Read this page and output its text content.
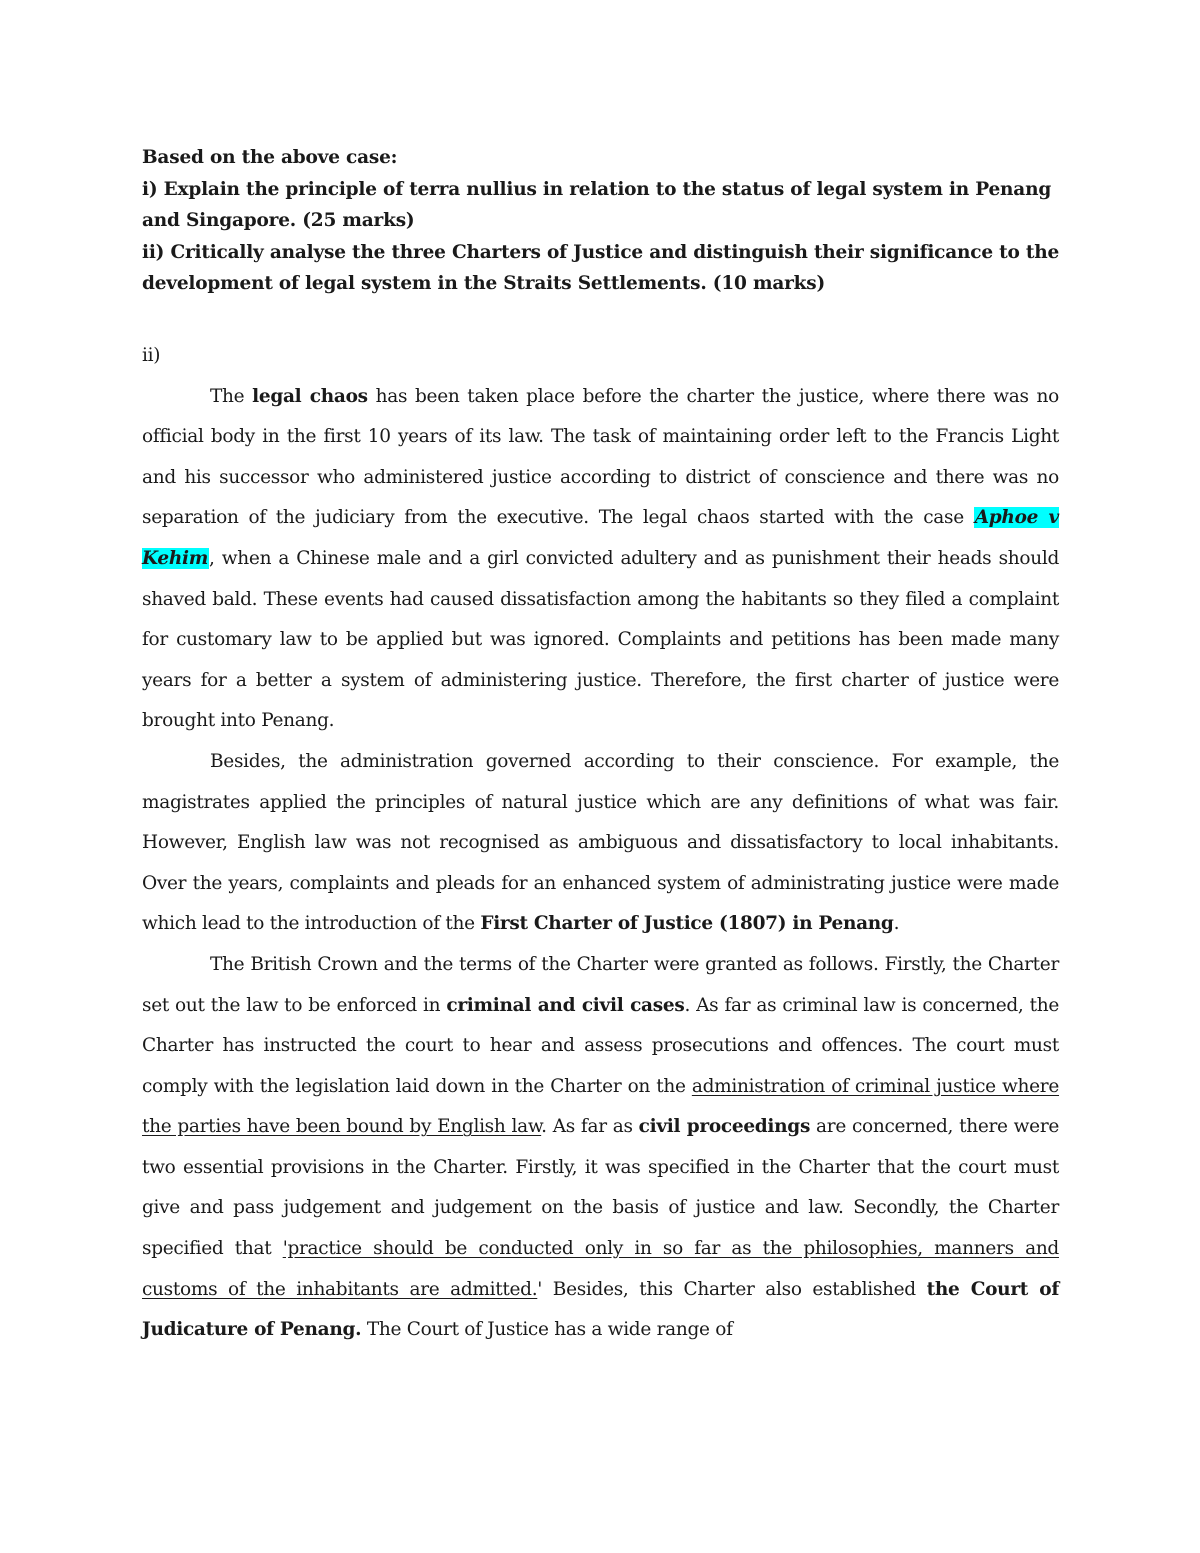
Based on the above case:
i) Explain the principle of terra nullius in relation to the status of legal system in Penang
and Singapore. (25 marks)
ii) Critically analyse the three Charters of Justice and distinguish their significance to the
development of legal system in the Straits Settlements. (10 marks)

ii)

The legal chaos has been taken place before the charter the justice, where there was no official body in the first 10 years of its law. The task of maintaining order left to the Francis Light and his successor who administered justice according to district of conscience and there was no separation of the judiciary from the executive. The legal chaos started with the case Aphoe v Kehim, when a Chinese male and a girl convicted adultery and as punishment their heads should shaved bald. These events had caused dissatisfaction among the habitants so they filed a complaint for customary law to be applied but was ignored. Complaints and petitions has been made many years for a better a system of administering justice. Therefore, the first charter of justice were brought into Penang.

Besides, the administration governed according to their conscience. For example, the magistrates applied the principles of natural justice which are any definitions of what was fair. However, English law was not recognised as ambiguous and dissatisfactory to local inhabitants. Over the years, complaints and pleads for an enhanced system of administrating justice were made which lead to the introduction of the First Charter of Justice (1807) in Penang.

The British Crown and the terms of the Charter were granted as follows. Firstly, the Charter set out the law to be enforced in criminal and civil cases. As far as criminal law is concerned, the Charter has instructed the court to hear and assess prosecutions and offences. The court must comply with the legislation laid down in the Charter on the administration of criminal justice where the parties have been bound by English law. As far as civil proceedings are concerned, there were two essential provisions in the Charter. Firstly, it was specified in the Charter that the court must give and pass judgement and judgement on the basis of justice and law. Secondly, the Charter specified that 'practice should be conducted only in so far as the philosophies, manners and customs of the inhabitants are admitted.' Besides, this Charter also established the Court of Judicature of Penang. The Court of Justice has a wide range of
